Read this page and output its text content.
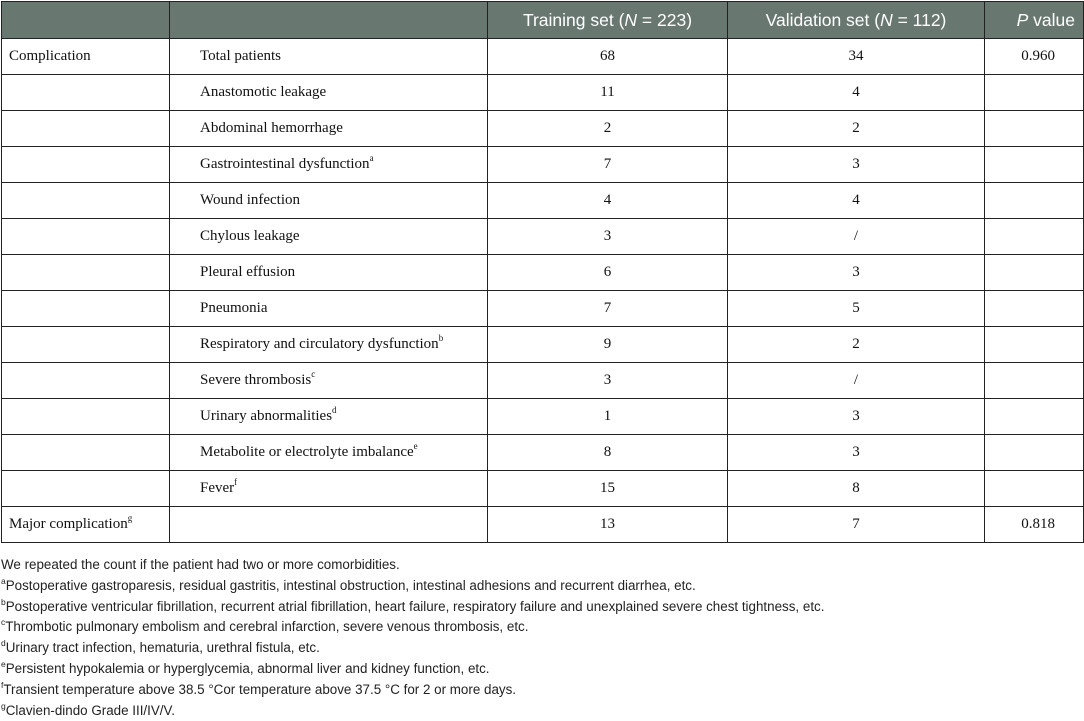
		Training set (N = 223)	Validation set (N = 112)	P value
Complication	Total patients	68	34	0.960
	Anastomotic leakage	11	4	
	Abdominal hemorrhage	2	2	
	Gastrointestinal dysfunction$^a$	7	3	
	Wound infection	4	4	
	Chylous leakage	3	/	
	Pleural effusion	6	3	
	Pneumonia	7	5	
	Respiratory and circulatory dysfunction$^b$	9	2	
	Severe thrombosis$^c$	3	/	
	Urinary abnormalities$^d$	1	3	
	Metabolite or electrolyte imbalance$^e$	8	3	
	Fever$^f$	15	8	
Major complication$^g$		13	7	0.818
We repeated the count if the patient had two or more comorbidities.
$^a$Postoperative gastroparesis, residual gastritis, intestinal obstruction, intestinal adhesions and recurrent diarrhea, etc.
$^b$Postoperative ventricular fibrillation, recurrent atrial fibrillation, heart failure, respiratory failure and unexplained severe chest tightness, etc.
$^c$Thrombotic pulmonary embolism and cerebral infarction, severe venous thrombosis, etc.
$^d$Urinary tract infection, hematuria, urethral fistula, etc.
$^e$Persistent hypokalemia or hyperglycemia, abnormal liver and kidney function, etc.
$^f$Transient temperature above 38.5 °Cor temperature above 37.5 °C for 2 or more days.
$^g$Clavien-dindo Grade III/IV/V.
